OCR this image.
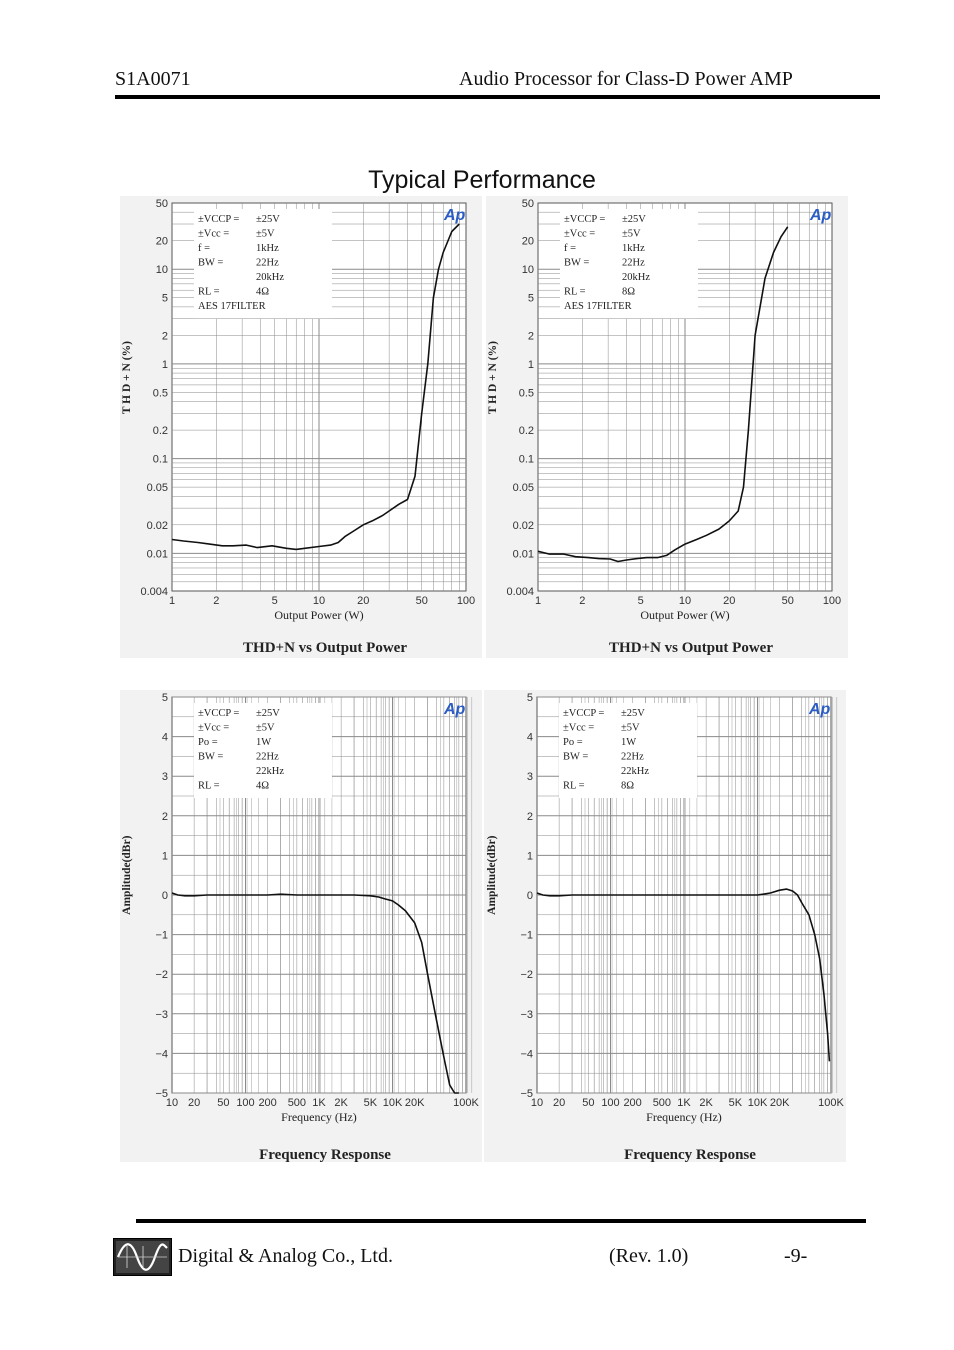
S1A0071	Audio Processor for Class-D Power AMP
Typical Performance
50
20
10
5
2
1
0.5
0.2
0.1
0.05
0.02
0.01
0.004
1	2	5	10	20	50	100
Output Power (W)
T H D + N (%)
THD+N vs Output Power
±VCCP = ±25V
±Vcc =	±5V
f =	1kHz
BW =	22Hz
20kHz
RL =	4Ω
AES 17FILTER
Ap
50
20
10
5
2
1
0.5
0.2
0.1
0.05
0.02
0.01
0.004
1	2	5	10	20	50	100
Output Power (W)
T H D + N (%)
THD+N vs Output Power
±VCCP = ±25V
±Vcc =	±5V
f =	1kHz
BW =	22Hz
20kHz
RL =	8Ω
AES 17FILTER
Ap
5
4
3
2
1
0
−1
−2
−3
−4
−5
10 20 50 100 200 500 1K 2K 5K 10K 20K	100K
Frequency (Hz)
Amplitude(dBr)
Frequency Response
±VCCP = ±25V
±Vcc =	±5V
Po =	1W
BW =	22Hz
22kHz
RL =	4Ω
Ap
5
4
3
2
1
0
−1
−2
−3
−4
−5
10 20 50 100 200 500 1K 2K 5K 10K 20K	100K
Frequency (Hz)
Amplitude(dBr)
Frequency Response
±VCCP = ±25V
±Vcc =	±5V
Po =	1W
BW =	22Hz
22kHz
RL =	8Ω
Ap
Digital & Analog Co., Ltd.	(Rev. 1.0)	-9-
